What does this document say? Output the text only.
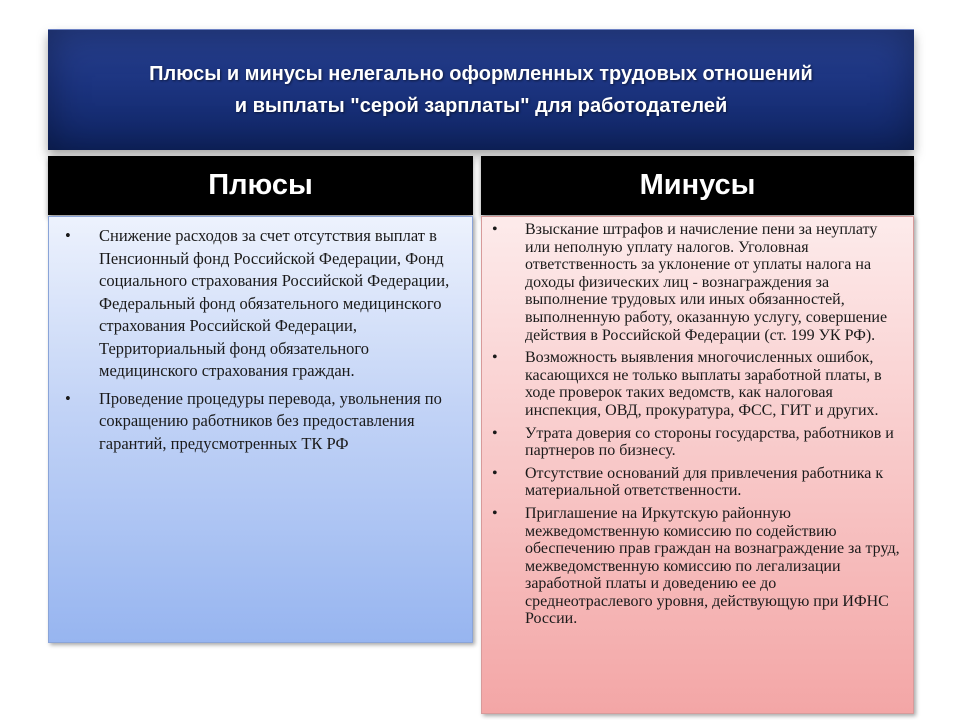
Плюсы и минусы нелегально оформленных трудовых отношений
и выплаты "серой зарплаты" для работодателей
Плюсы	Минусы
• Снижение расходов за счет отсутствия выплат в Пенсионный фонд Российской Федерации, Фонд социального страхования Российской Федерации, Федеральный фонд обязательного медицинского страхования Российской Федерации, Территориальный фонд обязательного медицинского страхования граждан.
• Проведение процедуры перевода, увольнения по сокращению работников без предоставления гарантий, предусмотренных ТК РФ
• Взыскание штрафов и начисление пени за неуплату или неполную уплату налогов. Уголовная ответственность за уклонение от уплаты налога на доходы физических лиц - вознаграждения за выполнение трудовых или иных обязанностей, выполненную работу, оказанную услугу, совершение действия в Российской Федерации (ст. 199 УК РФ).
• Возможность выявления многочисленных ошибок, касающихся не только выплаты заработной платы, в ходе проверок таких ведомств, как налоговая инспекция, ОВД, прокуратура, ФСС, ГИТ и других.
• Утрата доверия со стороны государства, работников и партнеров по бизнесу.
• Отсутствие оснований для привлечения работника к материальной ответственности.
• Приглашение на Иркутскую районную межведомственную комиссию по содействию обеспечению прав граждан на вознаграждение за труд, межведомственную комиссию по легализации заработной платы и доведению ее до среднеотраслевого уровня, действующую при ИФНС России.
